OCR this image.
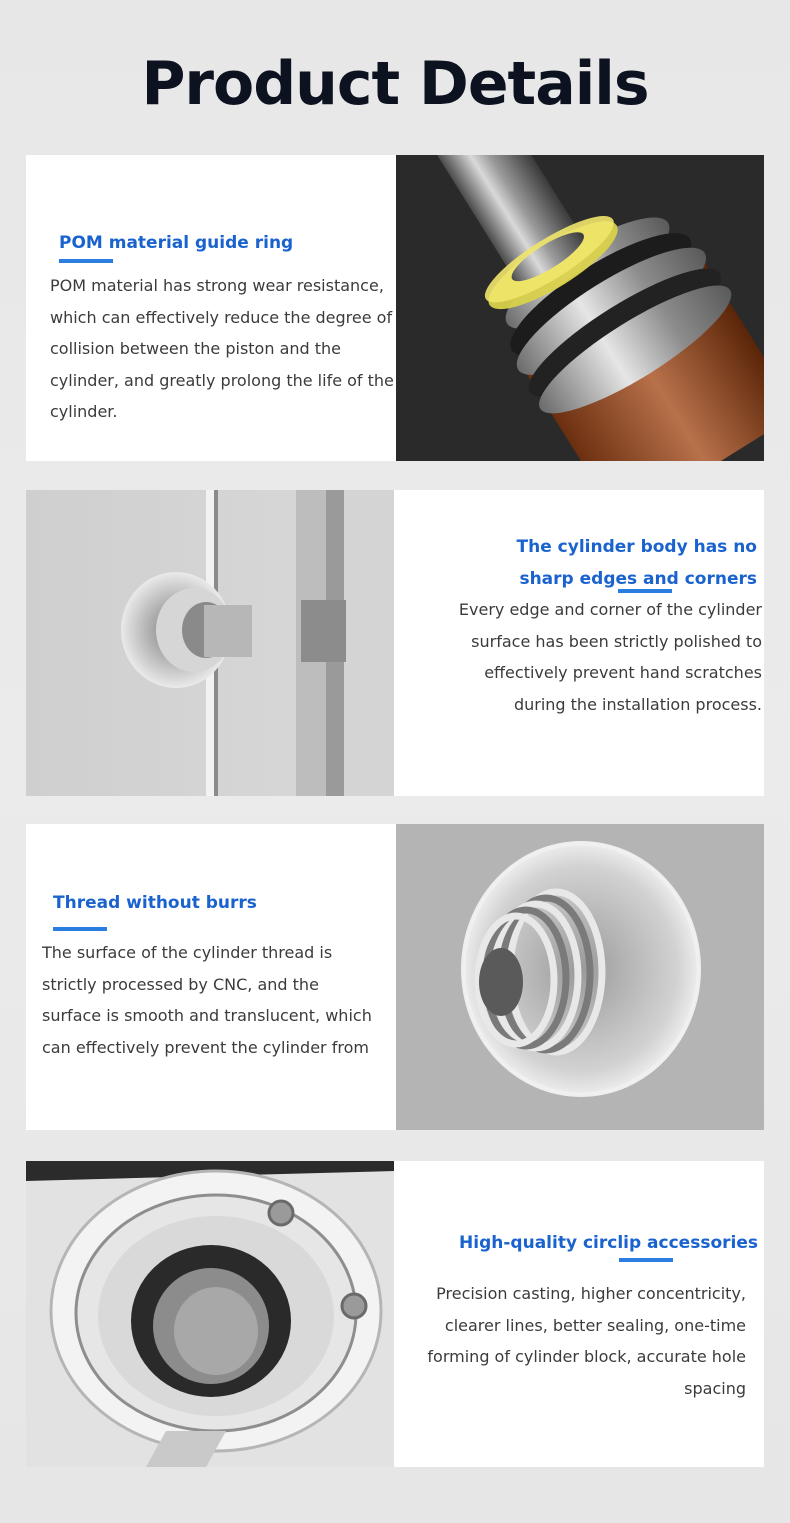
Product Details
POM material guide ring
POM material has strong wear resistance, which can effectively reduce the degree of collision between the piston and the cylinder, and greatly prolong the life of the cylinder.
The cylinder body has no sharp edges and corners
Every edge and corner of the cylinder surface has been strictly polished to effectively prevent hand scratches during the installation process.
Thread without burrs
The surface of the cylinder thread is strictly processed by CNC, and the surface is smooth and translucent, which can effectively prevent the cylinder from
High-quality circlip accessories
Precision casting, higher concentricity, clearer lines, better sealing, one-time forming of cylinder block, accurate hole spacing
